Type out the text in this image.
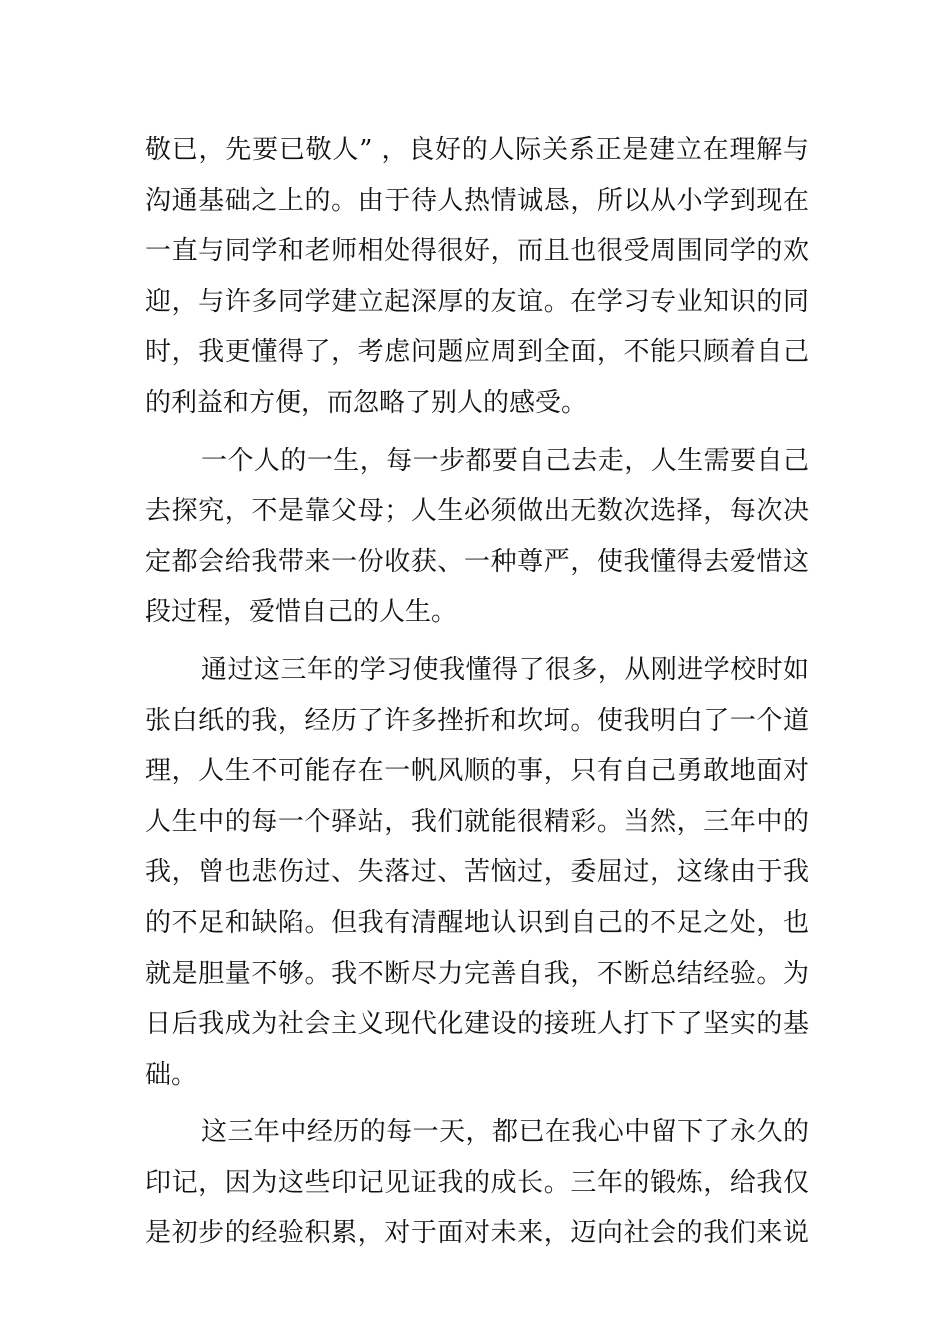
敬已，先要已敬人” ，良好的人际关系正是建立在理解与
沟通基础之上的。由于待人热情诚恳，所以从小学到现在
一直与同学和老师相处得很好，而且也很受周围同学的欢
迎，与许多同学建立起深厚的友谊。在学习专业知识的同
时，我更懂得了，考虑问题应周到全面，不能只顾着自己
的利益和方便，而忽略了别人的感受。
一个人的一生，每一步都要自己去走，人生需要自己
去探究，不是靠父母；人生必须做出无数次选择，每次决
定都会给我带来一份收获、一种尊严，使我懂得去爱惜这
段过程，爱惜自己的人生。
通过这三年的学习使我懂得了很多，从刚进学校时如
张白纸的我，经历了许多挫折和坎坷。使我明白了一个道
理，人生不可能存在一帆风顺的事，只有自己勇敢地面对
人生中的每一个驿站，我们就能很精彩。当然，三年中的
我，曾也悲伤过、失落过、苦恼过，委屈过，这缘由于我
的不足和缺陷。但我有清醒地认识到自己的不足之处，也
就是胆量不够。我不断尽力完善自我，不断总结经验。为
日后我成为社会主义现代化建设的接班人打下了坚实的基
础。
这三年中经历的每一天，都已在我心中留下了永久的
印记，因为这些印记见证我的成长。三年的锻炼，给我仅
是初步的经验积累，对于面对未来，迈向社会的我们来说
